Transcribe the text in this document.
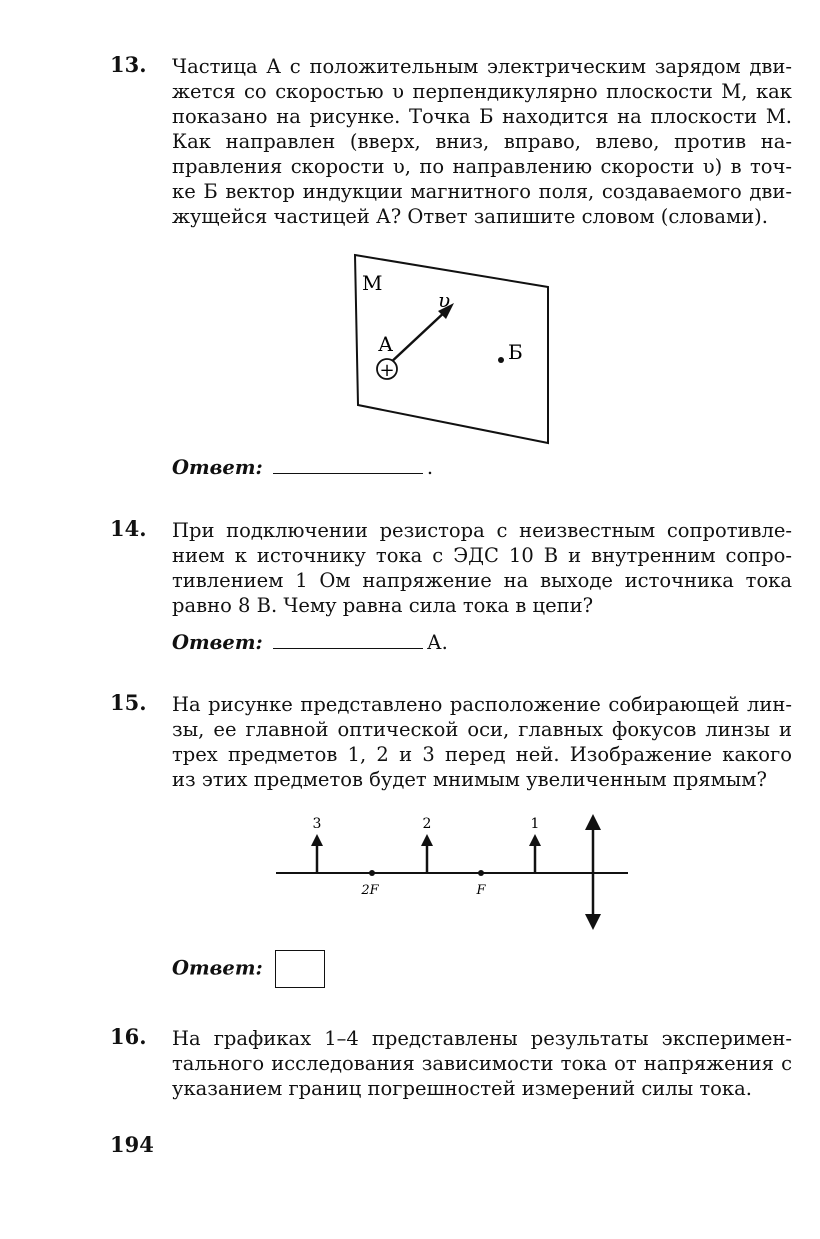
13. Частица А с положительным электрическим зарядом дви-
жется со скоростью υ перпендикулярно плоскости М, как
показано на рисунке. Точка Б находится на плоскости М.
Как направлен (вверх, вниз, вправо, влево, против на-
правления скорости υ, по направлению скорости υ) в точ-
ке Б вектор индукции магнитного поля, создаваемого дви-
жущейся частицей А? Ответ запишите словом (словами).
М
υ
А
+
Б
Ответ:	.
14. При подключении резистора с неизвестным сопротивле-
нием к источнику тока с ЭДС 10 В и внутренним сопро-
тивлением 1 Ом напряжение на выходе источника тока
равно 8 В. Чему равна сила тока в цепи?
Ответ:	А.
15. На рисунке представлено расположение собирающей лин-
зы, ее главной оптической оси, главных фокусов линзы и
трех предметов 1, 2 и 3 перед ней. Изображение какого
из этих предметов будет мнимым увеличенным прямым?
3	2	1
2F	F
Ответ:
16. На графиках 1–4 представлены результаты эксперимен-
тального исследования зависимости тока от напряжения с
указанием границ погрешностей измерений силы тока.
194
